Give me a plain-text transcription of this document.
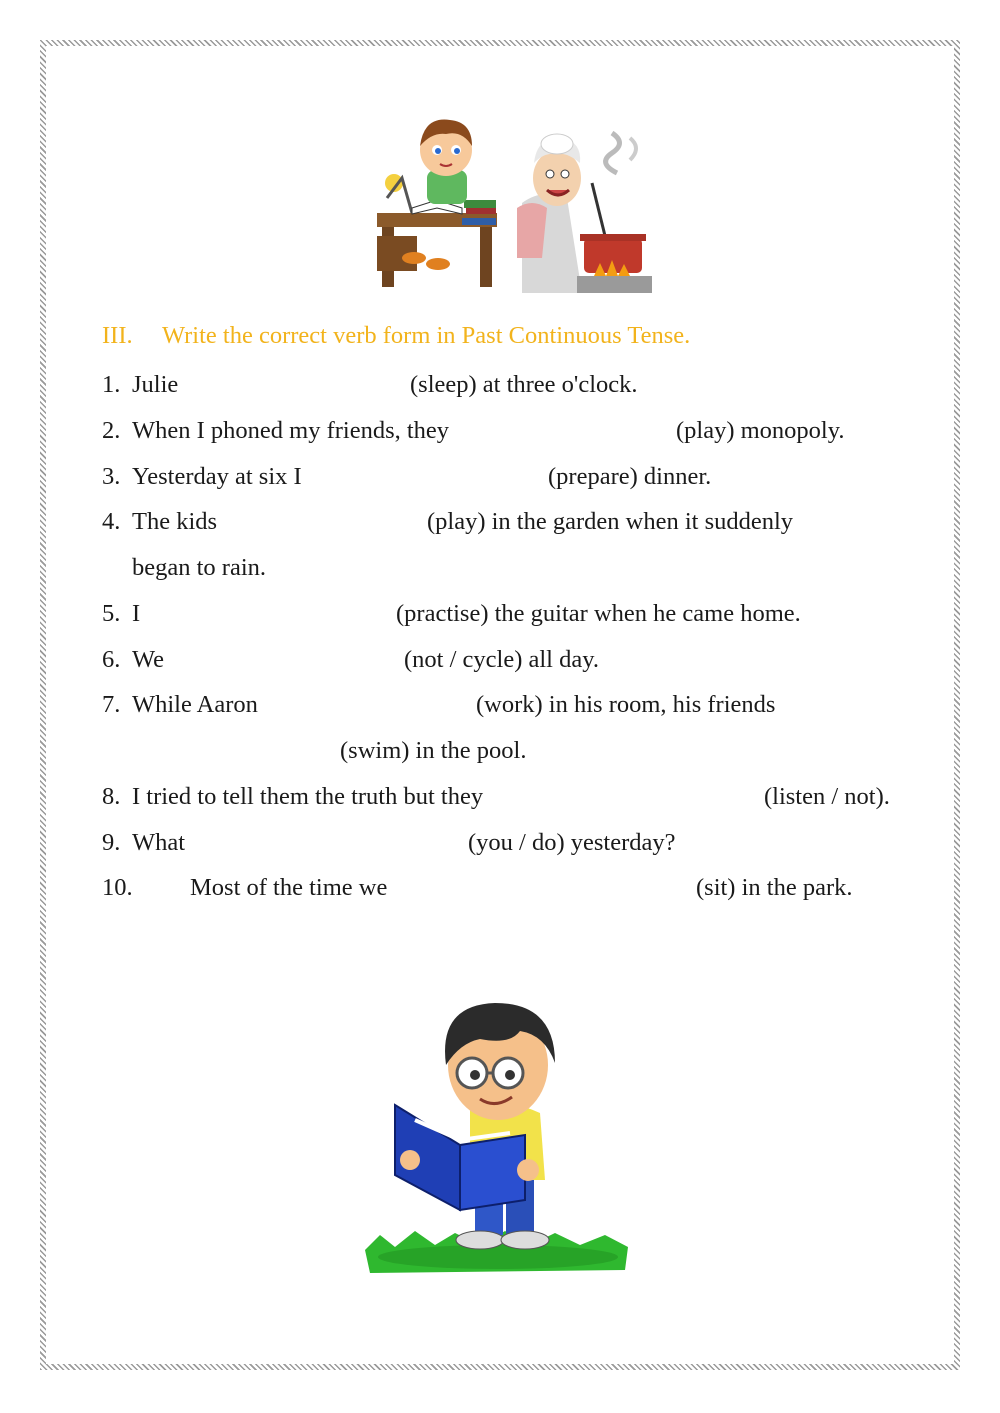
III. Write the correct verb form in Past Continuous Tense.
1. Julie	(sleep) at three o'clock.
2. When I phoned my friends, they	(play) monopoly.
3. Yesterday at six I	(prepare) dinner.
4. The kids	(play) in the garden when it suddenly
began to rain.
5. I	(practise) the guitar when he came home.
6. We	(not / cycle) all day.
7. While Aaron	(work) in his room, his friends
(swim) in the pool.
8. I tried to tell them the truth but they	(listen / not).
9. What	(you / do) yesterday?
10. Most of the time we	(sit) in the park.
